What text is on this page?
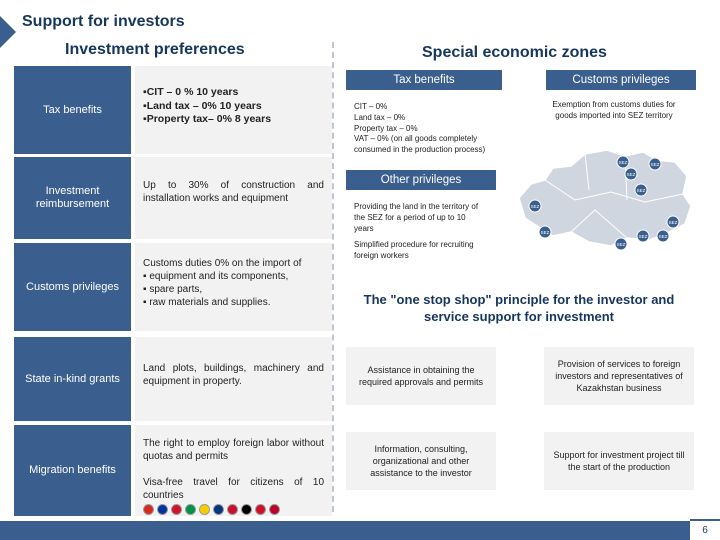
Support for investors
Investment preferences	Special economic zones
Tax benefits
▪CIT – 0 % 10 years
▪Land tax – 0% 10 years
▪Property tax– 0% 8 years
Investment reimbursement
Up to 30% of construction and installation works and equipment
Customs privileges
Customs duties 0% on the import of
▪ equipment and its components,
▪ spare parts,
▪ raw materials and supplies.
State in-kind grants
Land plots, buildings, machinery and equipment in property.
Migration benefits
The right to employ foreign labor without quotas and permits
Visa-free travel for citizens of 10 countries
Tax benefits
CIT – 0%
Land tax – 0%
Property tax – 0%
VAT – 0% (on all goods completely consumed in the production process)
Customs privileges
Exemption from customs duties for goods imported into SEZ territory
Other privileges
Providing the land in the territory of the SEZ for a period of up to 10 years
Simplified procedure for recruiting foreign workers
SEZ	SEZ
SEZ
SEZ
SEZ
SEZ
SEZ
SEZ SEZ
SEZ
The "one stop shop" principle for the investor and service support for investment
Assistance in obtaining the required approvals and permits
Provision of services to foreign investors and representatives of Kazakhstan business
Information, consulting, organizational and other assistance to the investor
Support for investment project till the start of the production
6
